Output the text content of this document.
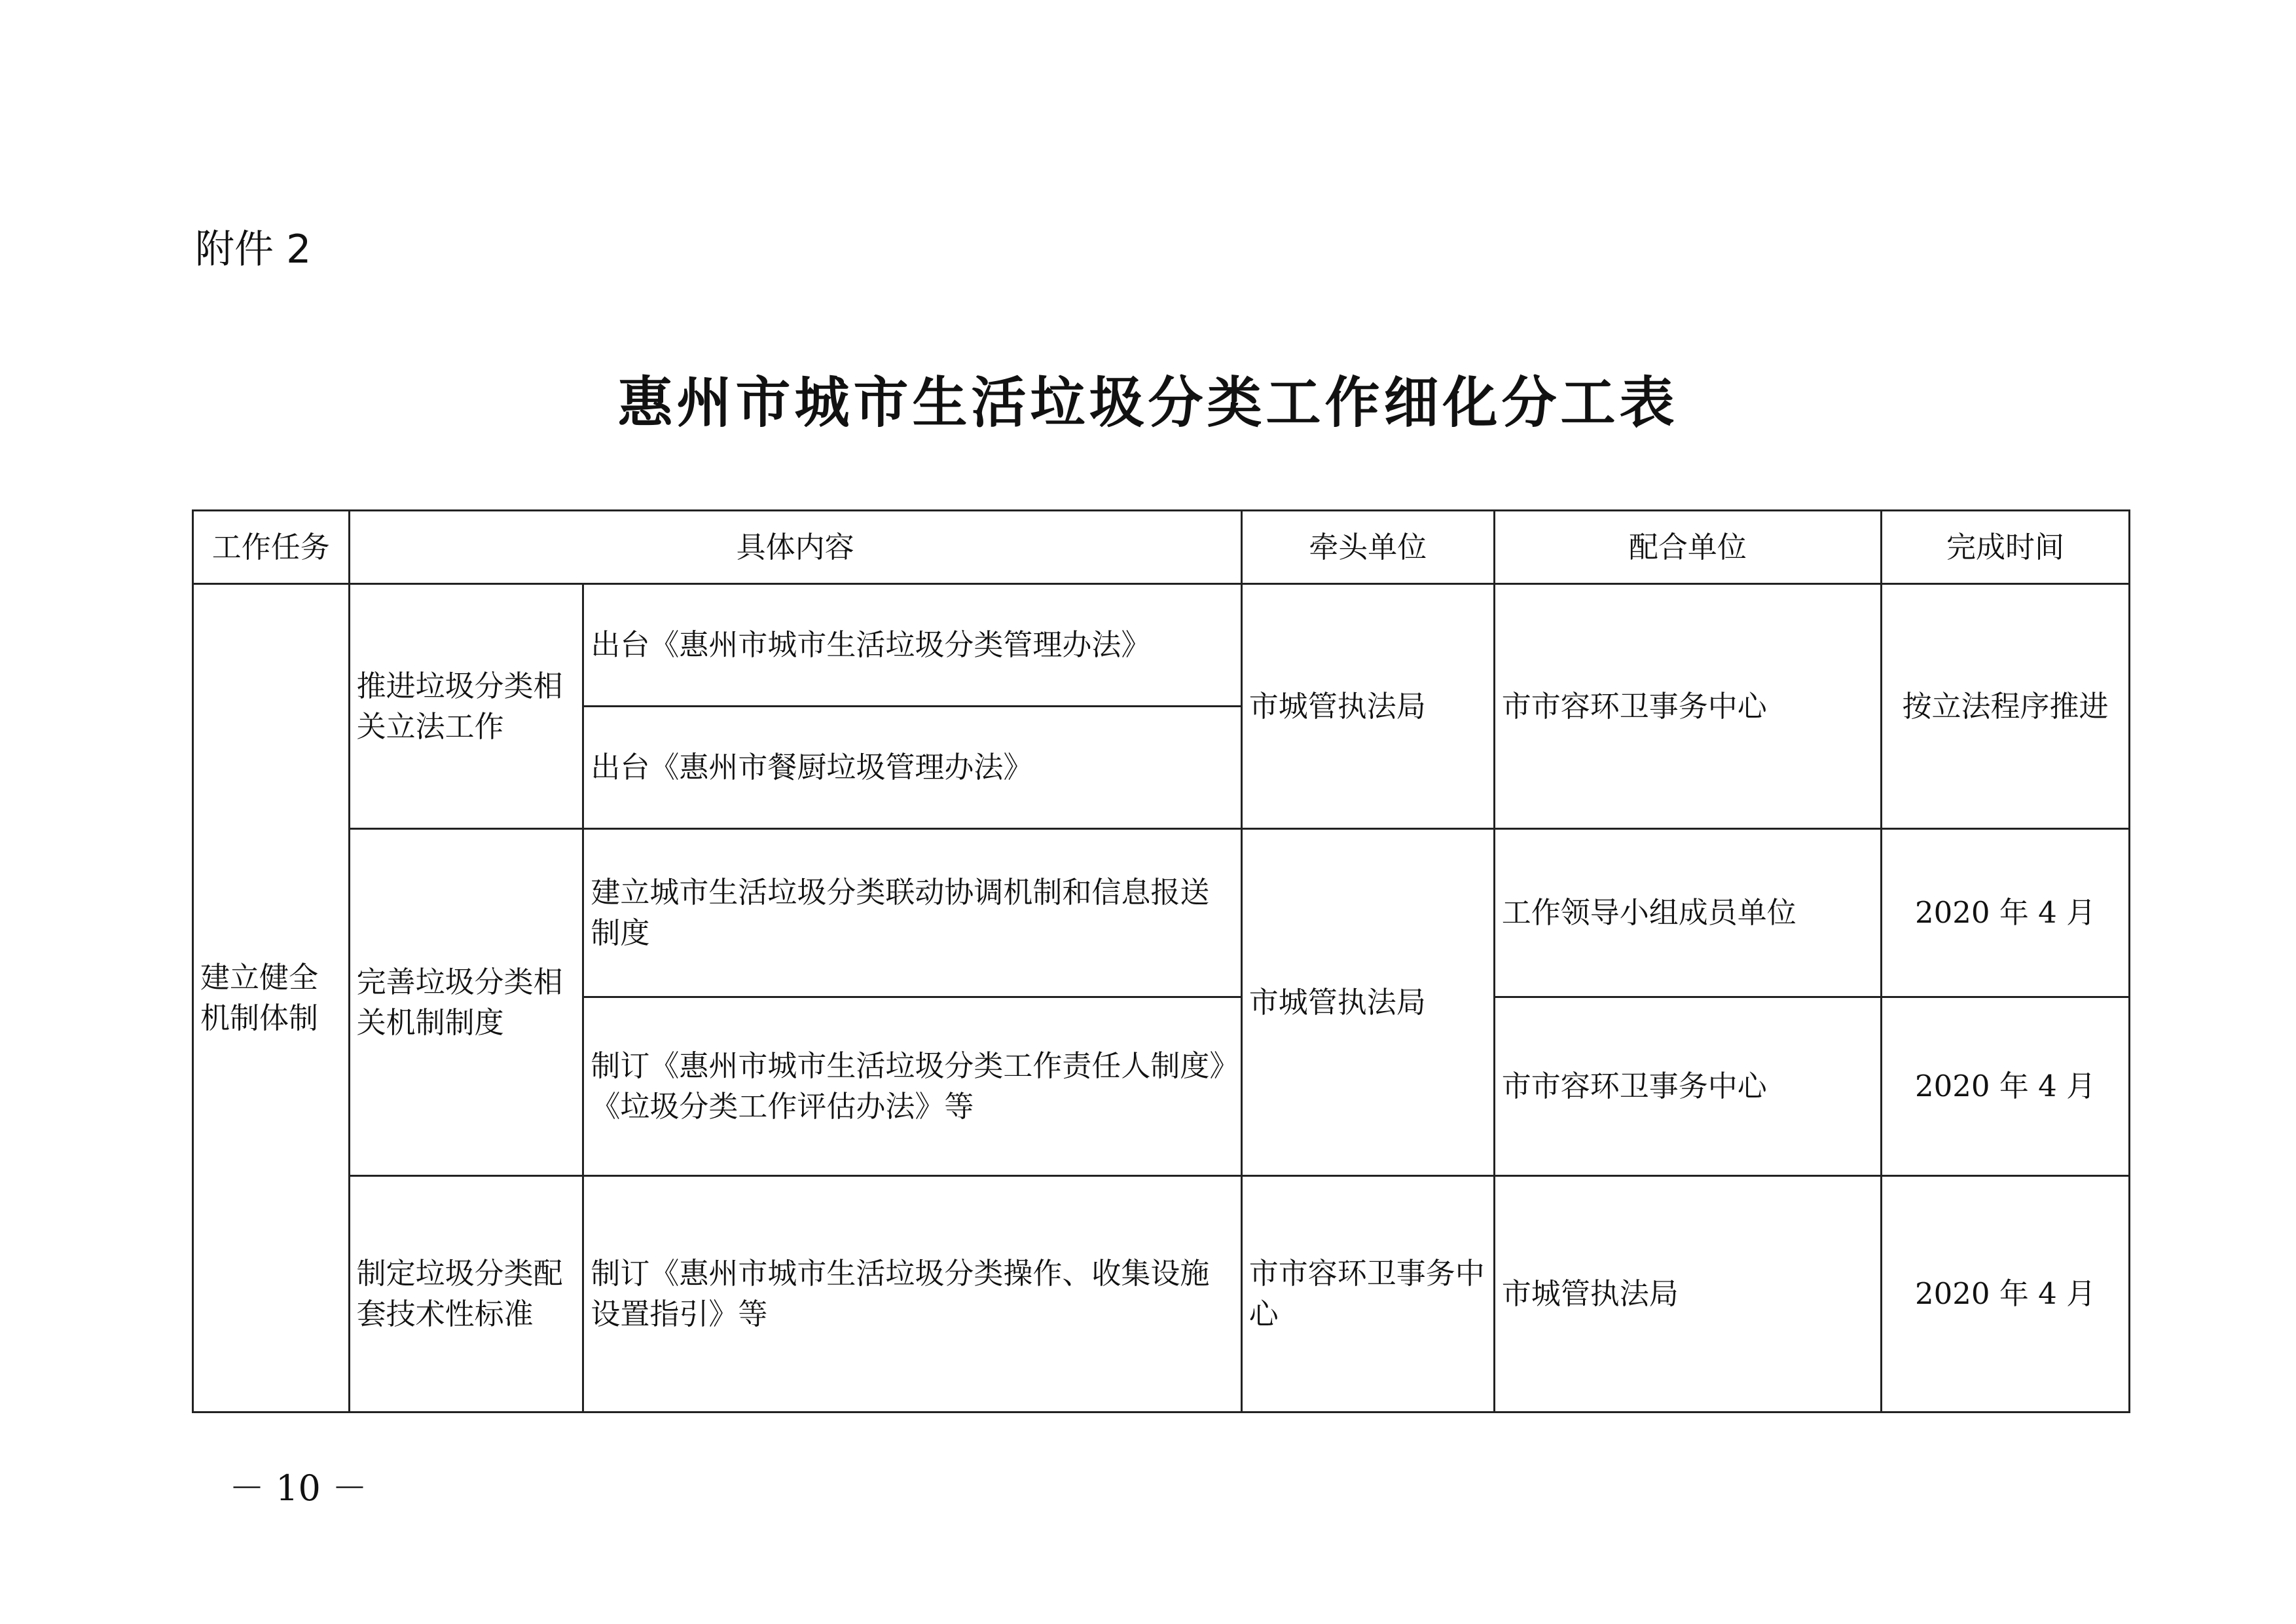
附件 2
惠州市城市生活垃圾分类工作细化分工表
工作任务	具体内容		牵头单位	配合单位	完成时间
建立健全机制体制	推进垃圾分类相关立法工作	出台《惠州市城市生活垃圾分类管理办法》	市城管执法局	市市容环卫事务中心	按立法程序推进
		出台《惠州市餐厨垃圾管理办法》			
	完善垃圾分类相关机制制度	建立城市生活垃圾分类联动协调机制和信息报送制度	市城管执法局	工作领导小组成员单位	2020 年 4 月
		制订《惠州市城市生活垃圾分类工作责任人制度》《垃圾分类工作评估办法》等		市市容环卫事务中心	2020 年 4 月
	制定垃圾分类配套技术性标准	制订《惠州市城市生活垃圾分类操作、收集设施设置指引》等	市市容环卫事务中心	市城管执法局	2020 年 4 月
－ 10 －
